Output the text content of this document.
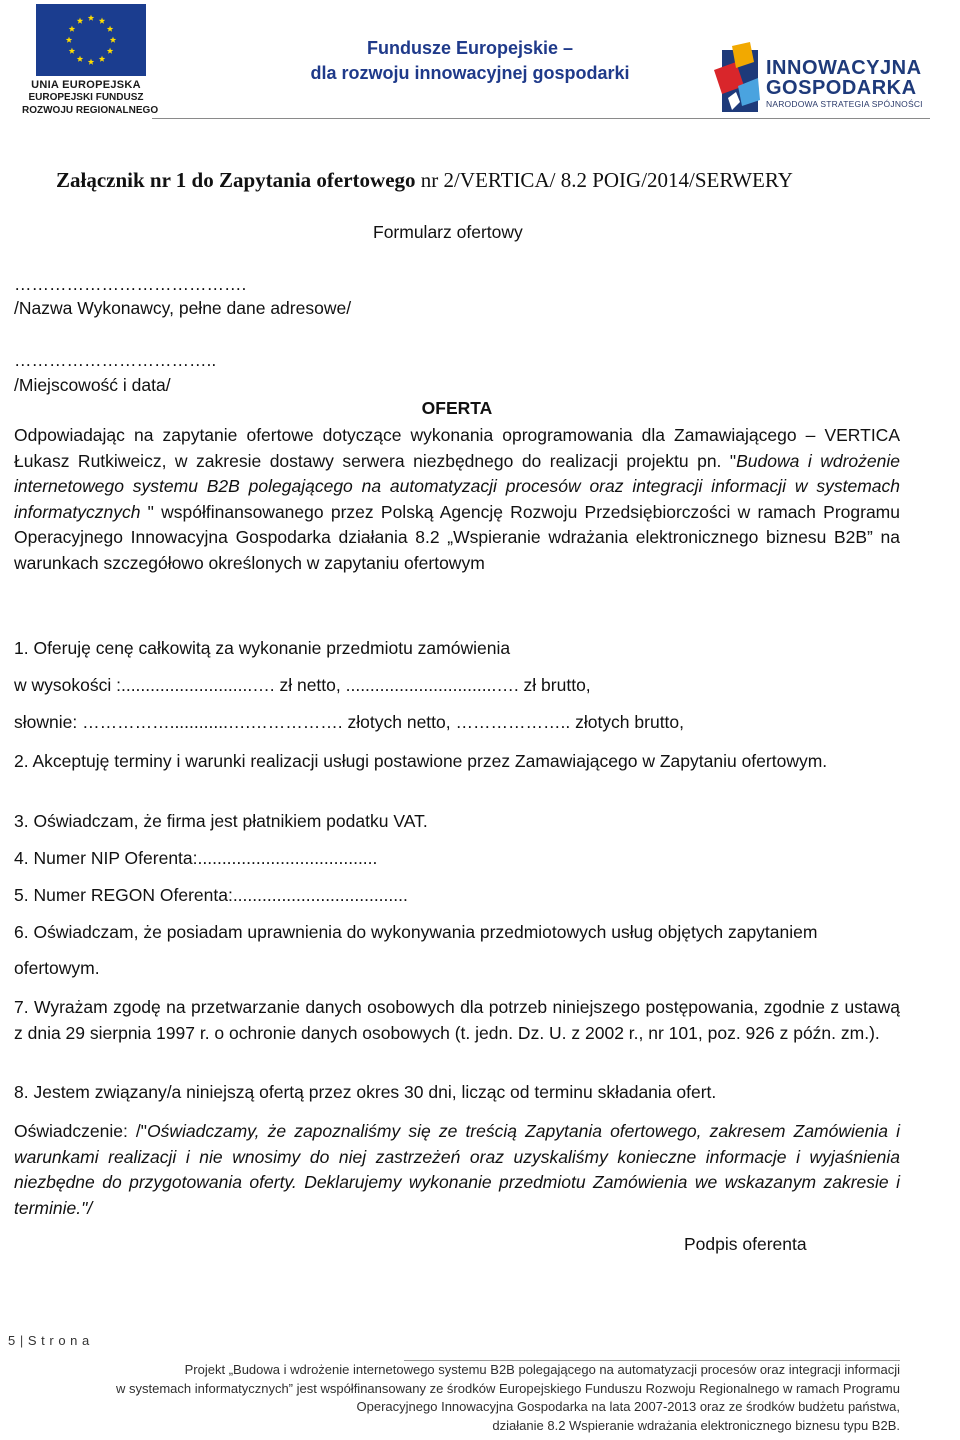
UNIA EUROPEJSKA
EUROPEJSKI FUNDUSZ
ROZWOJU REGIONALNEGO
Fundusze Europejskie –
dla rozwoju innowacyjnej gospodarki	INNOWACYJNA
GOSPODARKA
NARODOWA STRATEGIA SPÓJNOŚCI
Załącznik nr 1 do Zapytania ofertowego nr 2/VERTICA/ 8.2 POIG/2014/SERWERY
Formularz ofertowy
………………………………….
/Nazwa Wykonawcy, pełne dane adresowe/
……………………………..
/Miejscowość i data/
OFERTA
Odpowiadając na zapytanie ofertowe dotyczące wykonania oprogramowania dla Zamawiającego – VERTICA Łukasz Rutkiweicz, w zakresie dostawy serwera niezbędnego do realizacji projektu pn. "Budowa i wdrożenie internetowego systemu B2B polegającego na automatyzacji procesów oraz integracji informacji w systemach informatycznych " współfinansowanego przez Polską Agencję Rozwoju Przedsiębiorczości w ramach Programu Operacyjnego Innowacyjna Gospodarka działania 8.2 „Wspieranie wdrażania elektronicznego biznesu B2B” na warunkach szczegółowo określonych w zapytaniu ofertowym
1. Oferuję cenę całkowitą za wykonanie przedmiotu zamówienia
w wysokości :...........................…. zł netto, ...............................…. zł brutto,
słownie: ……………............….……………. złotych netto, ……………….. złotych brutto,
2. Akceptuję terminy i warunki realizacji usługi postawione przez Zamawiającego w Zapytaniu ofertowym.
3. Oświadczam, że firma jest płatnikiem podatku VAT.
4. Numer NIP Oferenta:.....................................
5. Numer REGON Oferenta:....................................
6. Oświadczam, że posiadam uprawnienia do wykonywania przedmiotowych usług objętych zapytaniem
ofertowym.
7. Wyrażam zgodę na przetwarzanie danych osobowych dla potrzeb niniejszego postępowania, zgodnie z ustawą z dnia 29 sierpnia 1997 r. o ochronie danych osobowych (t. jedn. Dz. U. z 2002 r., nr 101, poz. 926 z późn. zm.).
8. Jestem związany/a niniejszą ofertą przez okres 30 dni, licząc od terminu składania ofert.
Oświadczenie: /"Oświadczamy, że zapoznaliśmy się ze treścią Zapytania ofertowego, zakresem Zamówienia i warunkami realizacji i nie wnosimy do niej zastrzeżeń oraz uzyskaliśmy konieczne informacje i wyjaśnienia niezbędne do przygotowania oferty. Deklarujemy wykonanie przedmiotu Zamówienia we wskazanym zakresie i terminie."/
Podpis oferenta
5 | S t r o n a
Projekt „Budowa i wdrożenie internetowego systemu B2B polegającego na automatyzacji procesów oraz integracji informacji
w systemach informatycznych” jest współfinansowany ze środków Europejskiego Funduszu Rozwoju Regionalnego w ramach Programu
Operacyjnego Innowacyjna Gospodarka na lata 2007-2013 oraz ze środków budżetu państwa,
działanie 8.2 Wspieranie wdrażania elektronicznego biznesu typu B2B.
